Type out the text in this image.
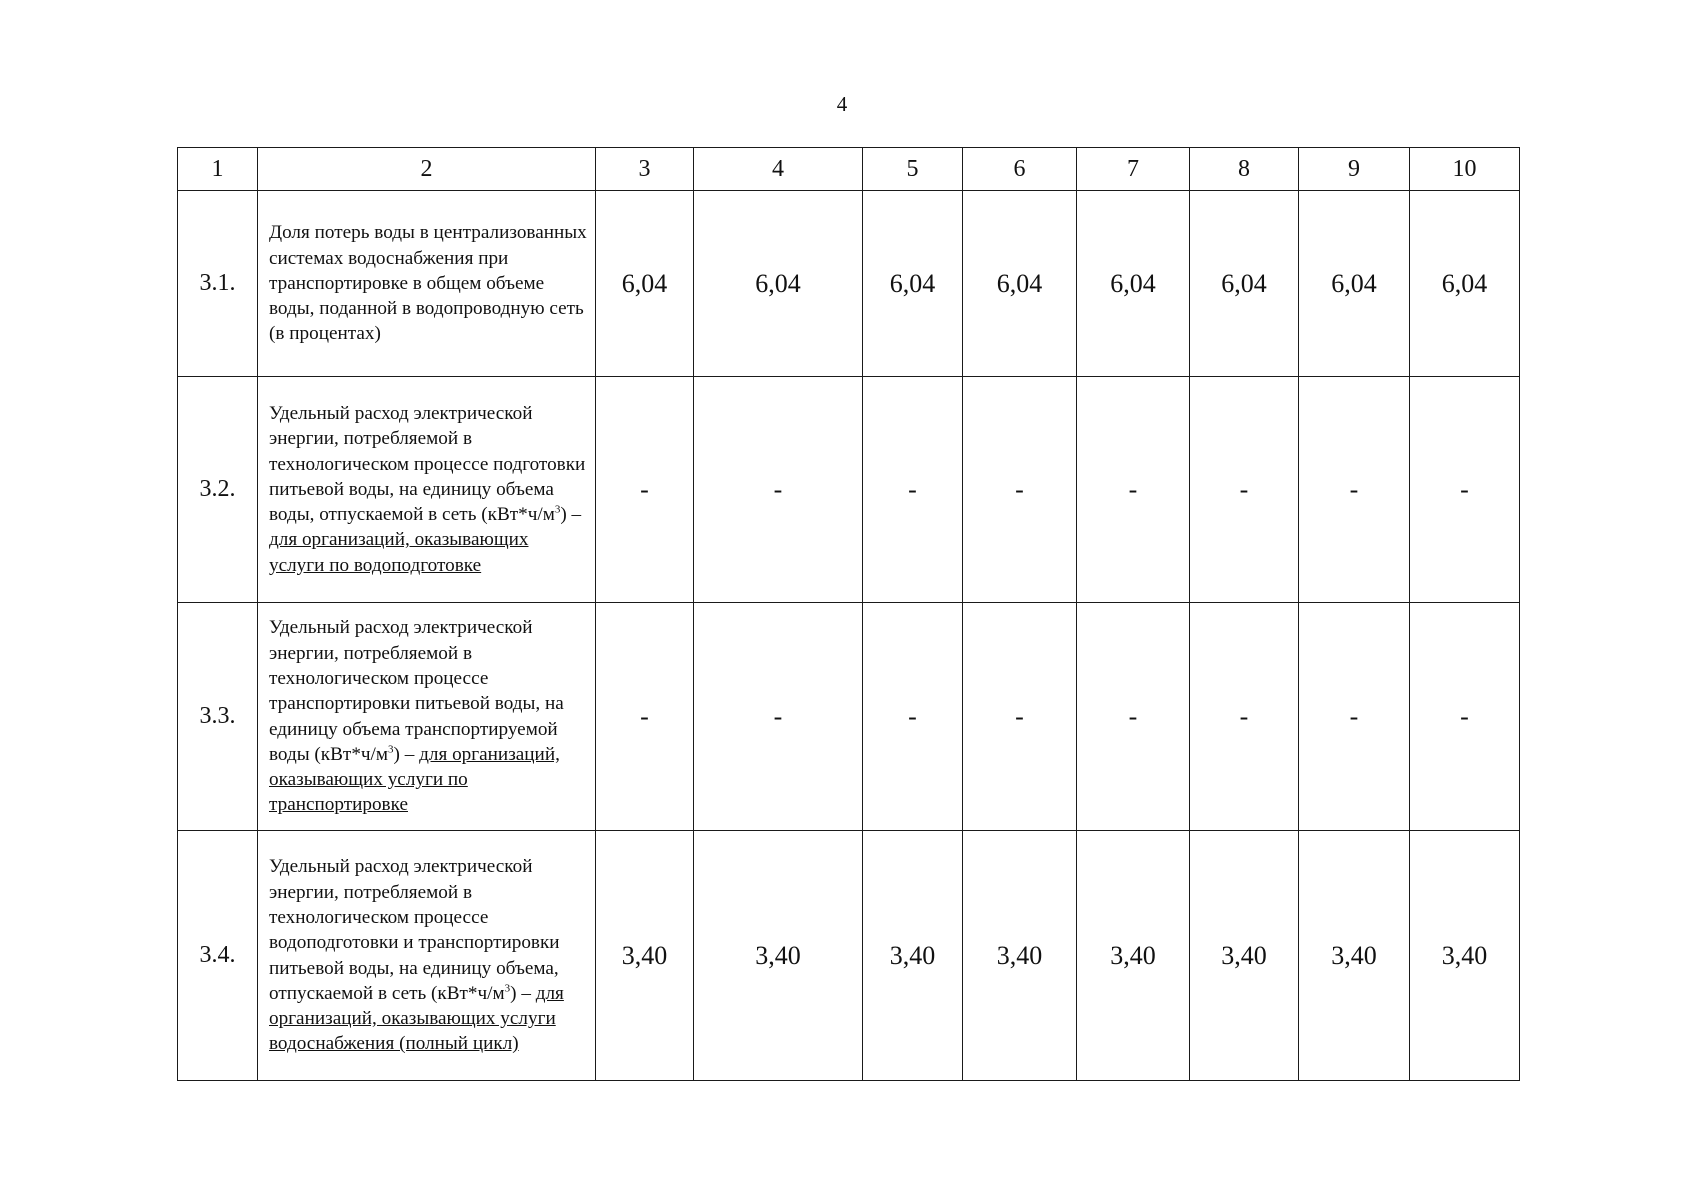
4
1	2	3	4	5	6	7	8	9	10
3.1.	Доля потерь воды в централизованных системах водоснабжения при транспортировке в общем объеме воды, поданной в водопроводную сеть (в процентах)	6,04	6,04	6,04	6,04	6,04	6,04	6,04	6,04
3.2.	Удельный расход электрической энергии, потребляемой в технологическом процессе подготовки питьевой воды, на единицу объема воды, отпускаемой в сеть $(кВт*ч/м^3)$ – для организаций, оказывающих услуги по водоподготовке	-	-	-	-	-	-	-	-
3.3.	Удельный расход электрической энергии, потребляемой в технологическом процессе транспортировки питьевой воды, на единицу объема транспортируемой воды $(кВт*ч/м^3)$ – для организаций, оказывающих услуги по транспортировке	-	-	-	-	-	-	-	-
3.4.	Удельный расход электрической энергии, потребляемой в технологическом процессе водоподготовки и транспортировки питьевой воды, на единицу объема, отпускаемой в сеть $(кВт*ч/м^3)$ – для организаций, оказывающих услуги водоснабжения (полный цикл)	3,40	3,40	3,40	3,40	3,40	3,40	3,40	3,40
